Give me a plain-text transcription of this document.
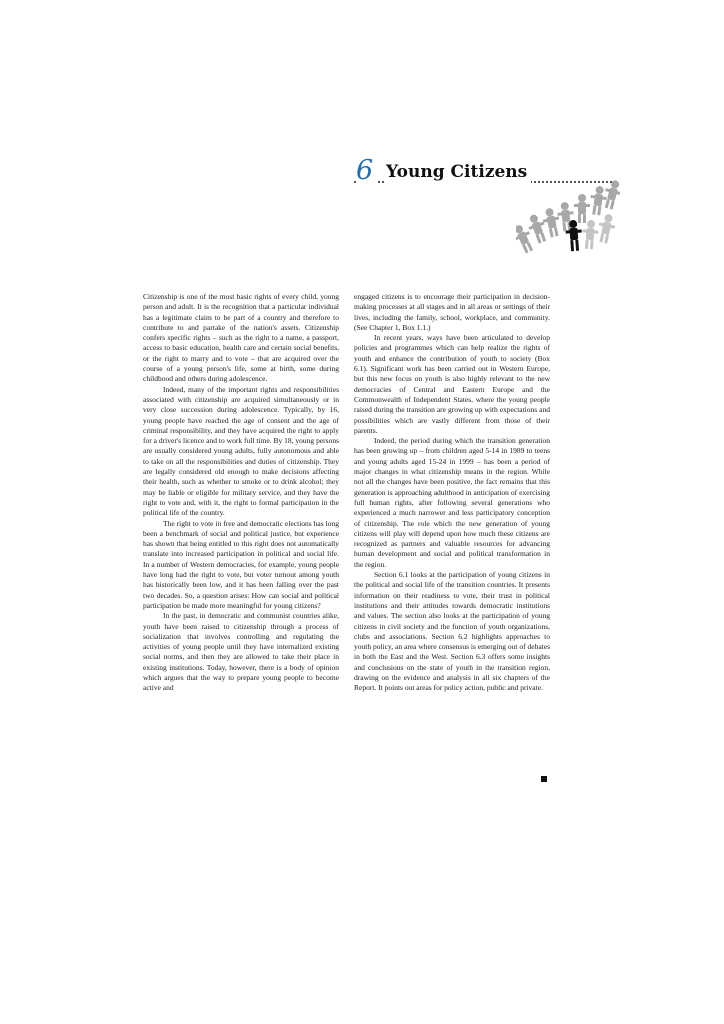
6 Young Citizens

Citizenship is one of the most basic rights of every child, young person and adult. It is the recognition that a particular individual has a legitimate claim to be part of a country and therefore to contribute to and partake of the nation's assets. Citizenship confers specific rights – such as the right to a name, a passport, access to basic education, health care and certain social benefits, or the right to marry and to vote – that are acquired over the course of a young person's life, some at birth, some during childhood and others during adolescence.

Indeed, many of the important rights and responsibilities associated with citizenship are acquired simultaneously or in very close succession during adolescence. Typically, by 16, young people have reached the age of consent and the age of criminal responsibility, and they have acquired the right to apply for a driver's licence and to work full time. By 18, young persons are usually considered young adults, fully autonomous and able to take on all the responsibilities and duties of citizenship. They are legally considered old enough to make decisions affecting their health, such as whether to smoke or to drink alcohol; they may be liable or eligible for military service, and they have the right to vote and, with it, the right to formal participation in the political life of the country.

The right to vote in free and democratic elections has long been a benchmark of social and political justice, but experience has shown that being entitled to this right does not automatically translate into increased participation in political and social life. In a number of Western democracies, for example, young people have long had the right to vote, but voter turnout among youth has historically been low, and it has been falling over the past two decades. So, a question arises: How can social and political participation be made more meaningful for young citizens?

In the past, in democratic and communist countries alike, youth have been raised to citizenship through a process of socialization that involves controlling and regulating the activities of young people until they have internalized existing social norms, and then they are allowed to take their place in existing institutions. Today, however, there is a body of opinion which argues that the way to prepare young people to become active and

engaged citizens is to encourage their participation in decision-making processes at all stages and in all areas or settings of their lives, including the family, school, workplace, and community. (See Chapter 1, Box 1.1.)

In recent years, ways have been articulated to develop policies and programmes which can help realize the rights of youth and enhance the contribution of youth to society (Box 6.1). Significant work has been carried out in Western Europe, but this new focus on youth is also highly relevant to the new democracies of Central and Eastern Europe and the Commonwealth of Independent States, where the young people raised during the transition are growing up with expectations and possibilities which are vastly different from those of their parents.

Indeed, the period during which the transition generation has been growing up – from children aged 5-14 in 1989 to teens and young adults aged 15-24 in 1999 – has been a period of major changes in what citizenship means in the region. While not all the changes have been positive, the fact remains that this generation is approaching adulthood in anticipation of exercising full human rights, after following several generations who experienced a much narrower and less participatory conception of citizenship. The role which the new generation of young citizens will play will depend upon how much these citizens are recognized as partners and valuable resources for advancing human development and social and political transformation in the region.

Section 6.1 looks at the participation of young citizens in the political and social life of the transition countries. It presents information on their readiness to vote, their trust in political institutions and their attitudes towards democratic institutions and values. The section also looks at the participation of young citizens in civil society and the function of youth organizations, clubs and associations. Section 6.2 highlights approaches to youth policy, an area where consensus is emerging out of debates in both the East and the West. Section 6.3 offers some insights and conclusions on the state of youth in the transition region, drawing on the evidence and analysis in all six chapters of the Report. It points out areas for policy action, public and private.
